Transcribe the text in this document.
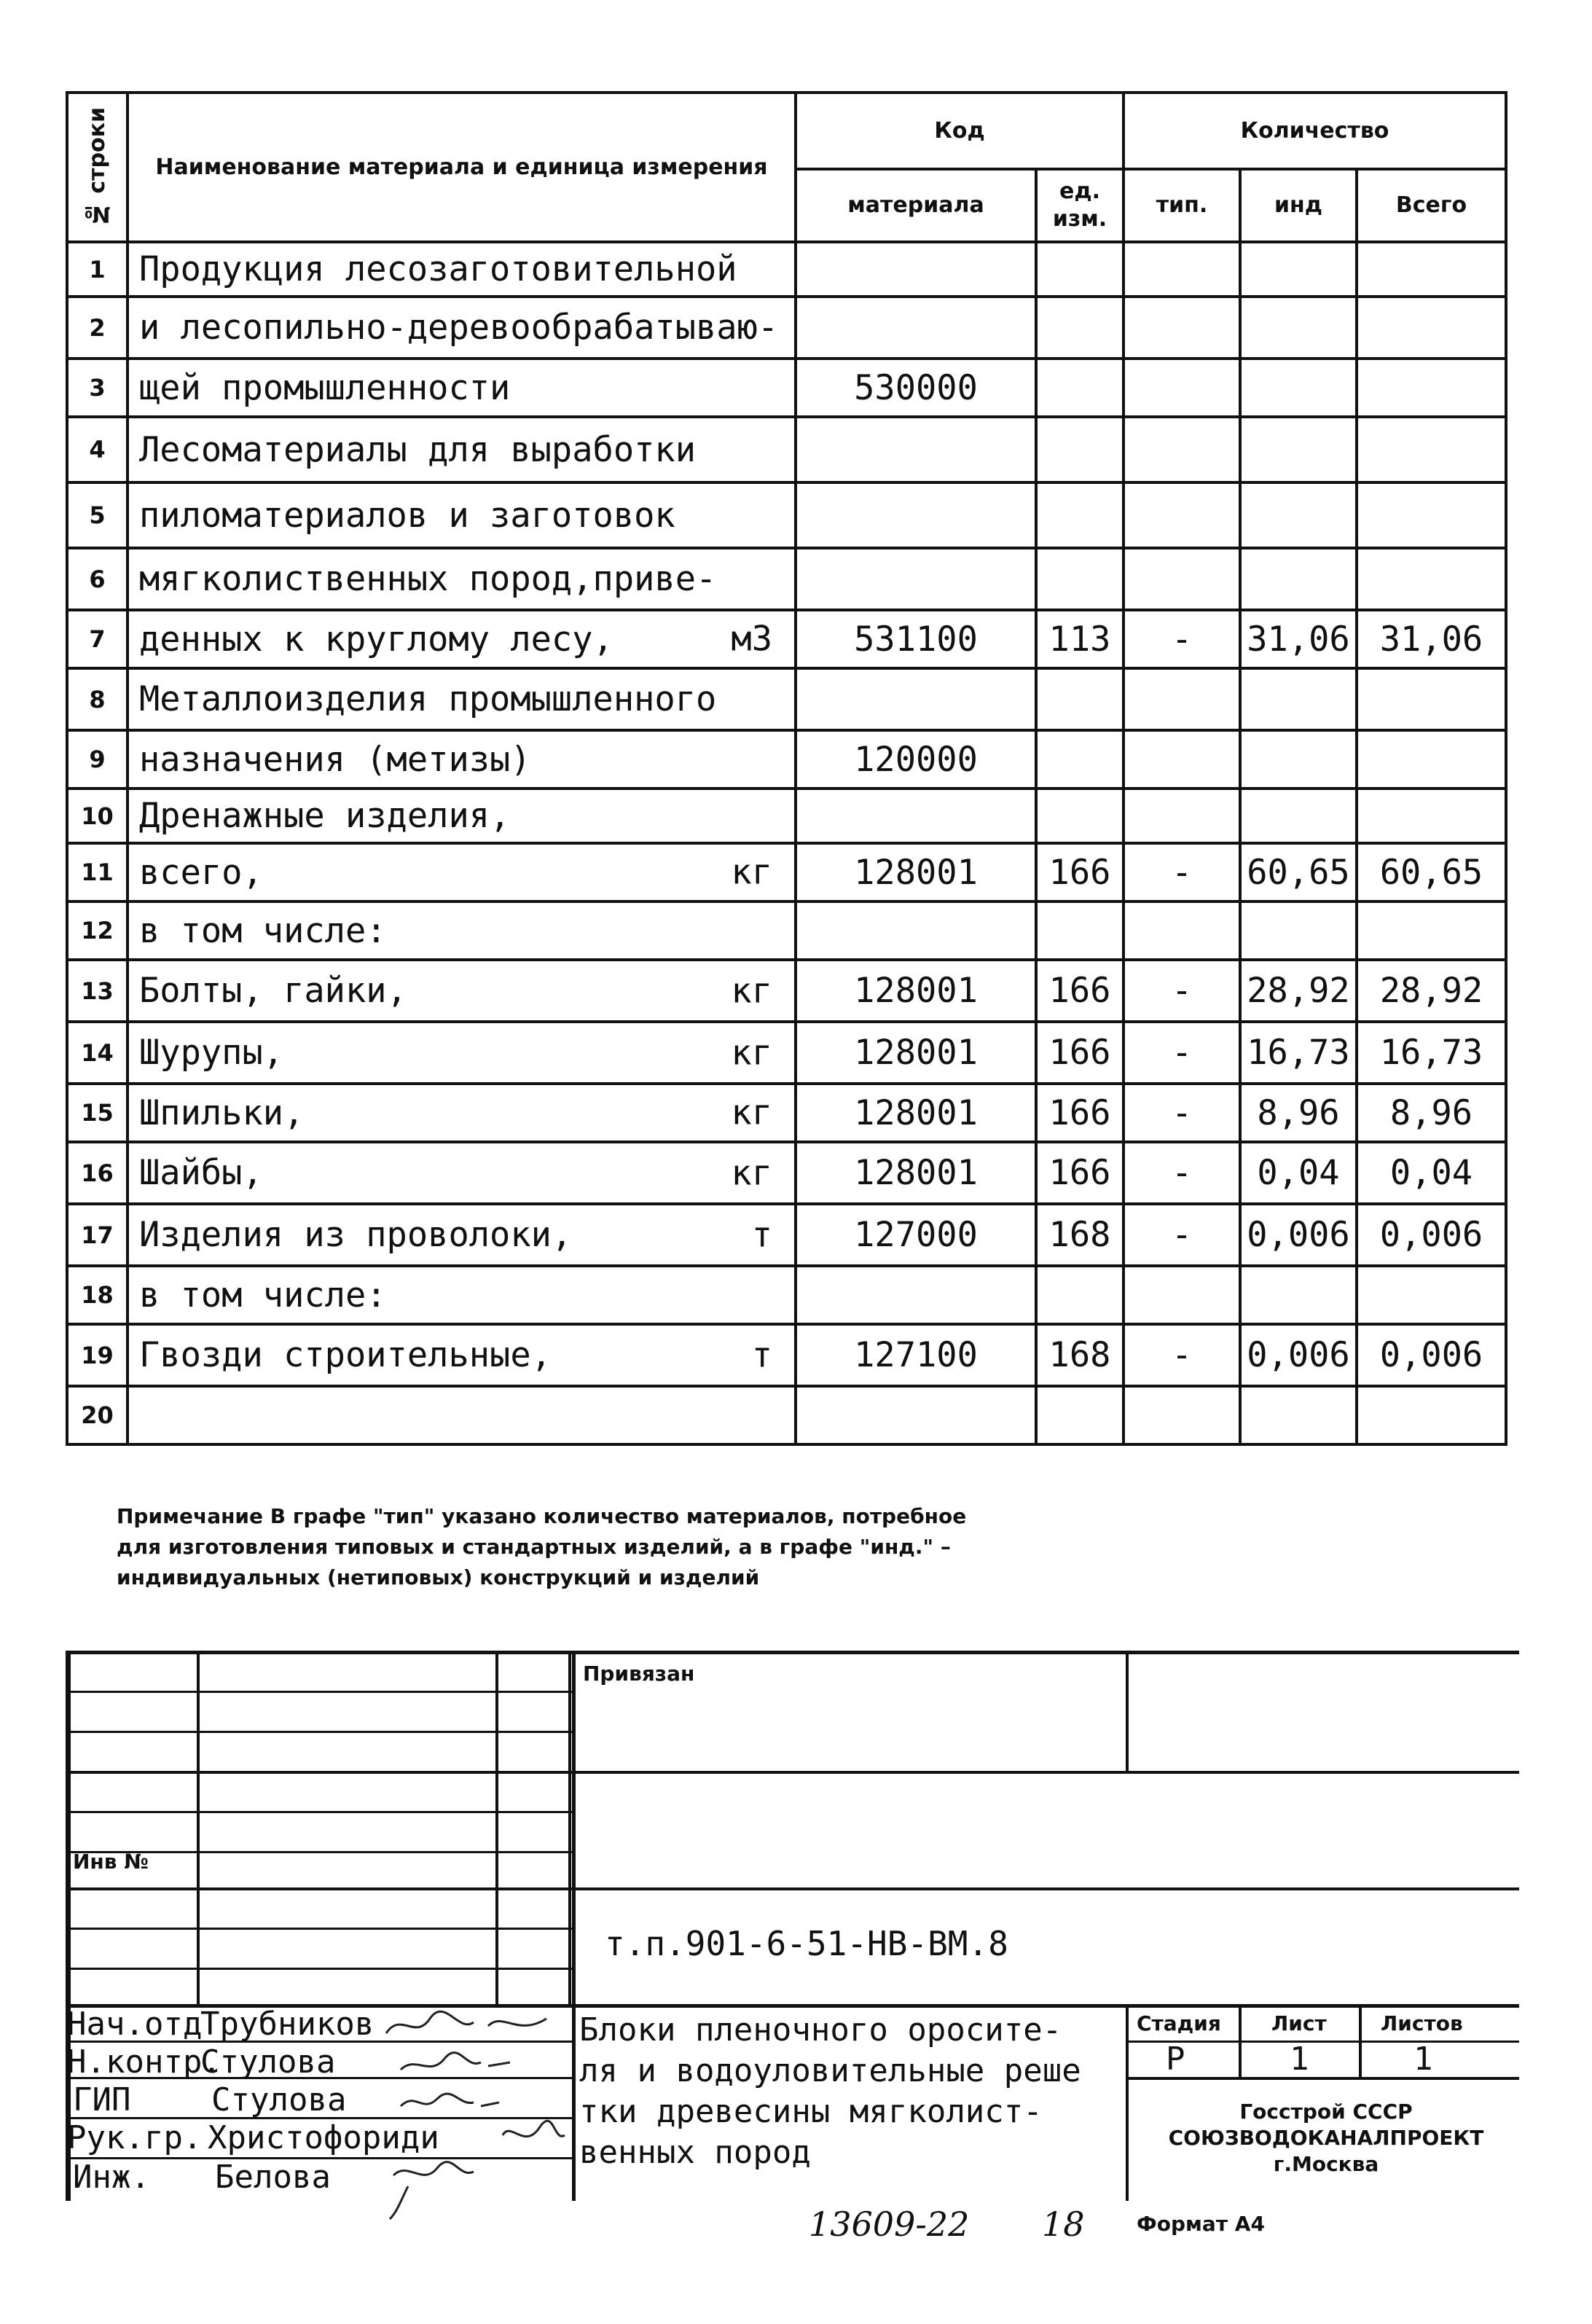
№ строки	Наименование материала и единица измерения	Код		Количество		
		материала	ед. изм.	тип.	инд	Всего
1	Продукция лесозаготовительной

2	и лесопильно-деревообрабатываю-

3	щей промышленности	530000				
4	Лесоматериалы для выработки

5	пиломатериалов и заготовок

6	мягколиственных пород,приве-

7	денных к круглому лесу, м3	531100	113	-	31,06	31,06
8	Металлоизделия промышленного

9	назначения (метизы)	120000				
10	Дренажные изделия,

11	всего, кг	128001	166	-	60,65	60,65
12	в том числе:

13	Болты, гайки, кг	128001	166	-	28,92	28,92
14	Шурупы, кг	128001	166	-	16,73	16,73
15	Шпильки, кг	128001	166	-	8,96	8,96
16	Шайбы, кг	128001	166	-	0,04	0,04
17	Изделия из проволоки, т	127000	168	-	0,006	0,006
18	в том числе:

19	Гвозди строительные, т	127100	168	-	0,006	0,006
20	

Примечание В графе "тип" указано количество материалов, потребное для изготовления типовых и стандартных изделий, а в графе "инд." – индивидуальных (нетиповых) конструкций и изделий
Привязан
Инв №
т.п.901-6-51-НВ-ВМ.8
Блоки пленочного оросите-
ля и водоуловительные реше
тки древесины мягколист-
венных пород
Стадия Лист	Листов
Р	1	1
Госстрой СССР
СОЮЗВОДОКАНАЛПРОЕКТ
г.Москва
Нач.отд
Трубников
Н.контр.
Стулова
ГИП	Стулова
Рук.гр. Христофориди
Инж. Белова
13609-22 18	Формат А4
